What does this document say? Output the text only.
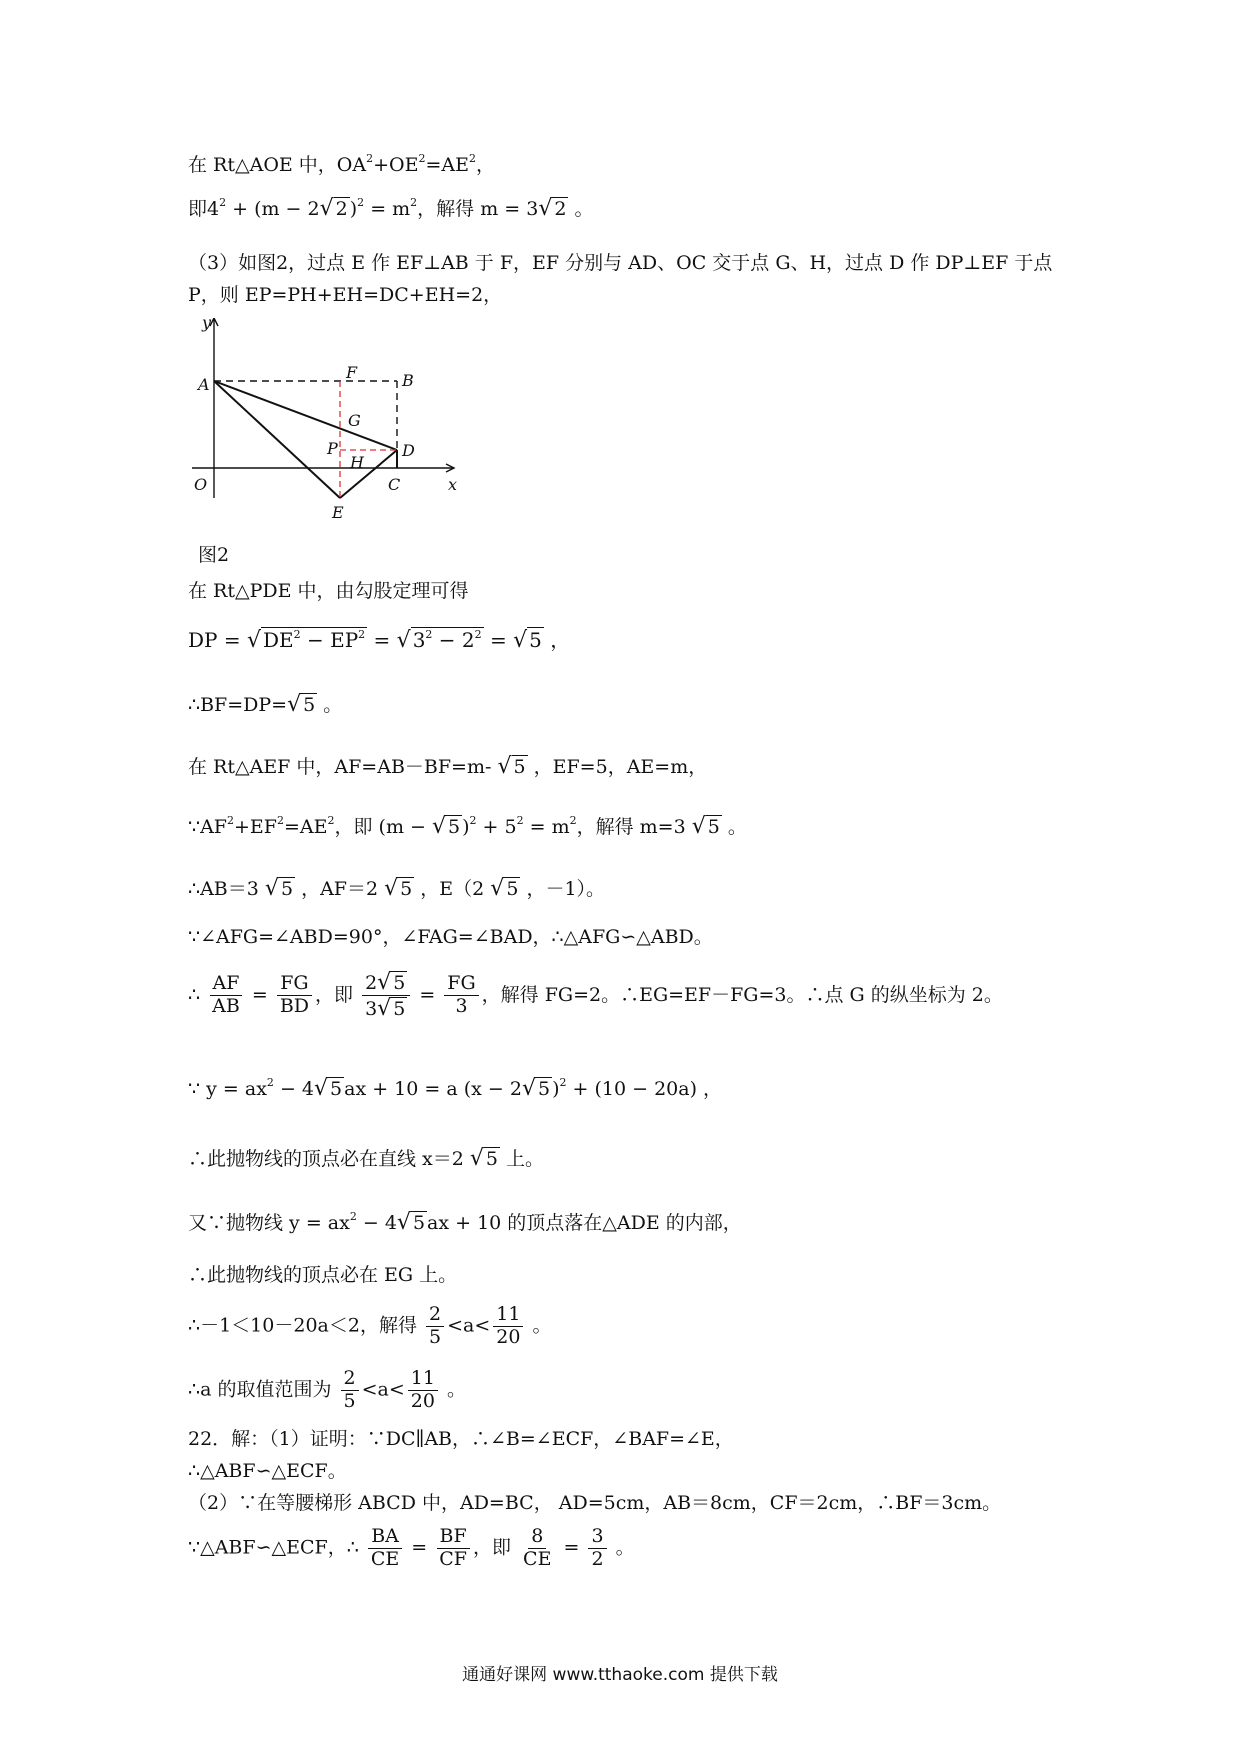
在 Rt△AOE 中，$OA^2+OE^2=AE^2$，
即$4^2 + (m - 2√$ 2 )$^2 = m^2$，解得 m = 3√ 2 。
（3）如图2，过点 E 作 EF⊥AB 于 F，EF 分别与 AD、OC 交于点 G、H，过点 D 作 DP⊥EF 于点
P，则 EP=PH+EH=DC+EH=2，
y
A
F	B
G
P	D
H
O	C	x
E
图2
在 Rt△PDE 中，由勾股定理可得
DP = √ $DE^2 - EP^2$ = √ $3^2 - 2^2$ = √ 5 ，
∴BF=DP=√ 5 。
在 Rt△AEF 中，AF=AB－BF=m- √ 5 ，EF=5，AE=m，
$\because AF^2+EF^2=AE^2$，即 (m − √ 5 )$^2 + 5^2 = m^2$，解得 m=3 √ 5 。
∴AB＝3 √ 5 ，AF＝2 √ 5 ，E（2 √ 5 ，－1）。
∵∠AFG=∠ABD=90°，∠FAG=∠BAD，∴△AFG∽△ABD。
∴ $\frac{AF}{AB} = \frac{FG}{BD}$ ，即 $\frac{2√ 5}{3√ 5} = \frac{FG}{3}$ ，解得 FG=2。∴EG=EF－FG=3。∴点 G 的纵坐标为 2。
∵ $y = ax^2 - 4√$ 5 ax + 10 = a (x − 2√ 5 )$^2$ + (10 − 20a) ，
∴此抛物线的顶点必在直线 x＝2 √ 5 上。
又∵抛物线 $y = ax^2 - 4√$ 5 ax + 10 的顶点落在△ADE 的内部，
∴此抛物线的顶点必在 EG 上。
∴－1＜10－20a＜2，解得 $\frac{2}{5} <a< \frac{11}{20}$ 。
∴a 的取值范围为 $\frac{2}{5} <a< \frac{11}{20}$ 。
22．解：（1）证明：∵DC∥AB，∴∠B=∠ECF，∠BAF=∠E，
∴△ABF∽△ECF。
（2）∵在等腰梯形 ABCD 中，AD=BC， AD=5cm，AB＝8cm，CF＝2cm，∴BF＝3cm。
∵△ABF∽△ECF，∴ $\frac{BA}{CE} = \frac{BF}{CF}$ ，即 $\frac{8}{CE} = \frac{3}{2}$ 。
通通好课网 www.tthaoke.com 提供下载
